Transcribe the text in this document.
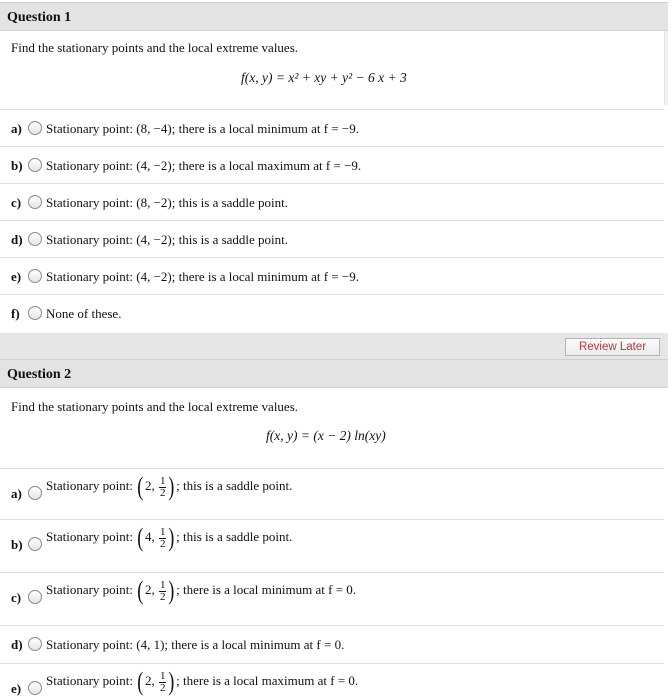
Question 1
Find the stationary points and the local extreme values.
f(x, y) = x² + xy + y² − 6 x + 3
a) Stationary point: (8, −4); there is a local minimum at f = −9.
b) Stationary point: (4, −2); there is a local maximum at f = −9.
c) Stationary point: (8, −2); this is a saddle point.
d) Stationary point: (4, −2); this is a saddle point.
e) Stationary point: (4, −2); there is a local minimum at f = −9.
f) None of these.
Review Later
Question 2
Find the stationary points and the local extreme values.
f(x, y) = (x − 2) ln(xy)
a)
Stationary point: (2, $\frac{1}{2}$ ); this is a saddle point.
b)
Stationary point: (4, $\frac{1}{2}$ ); this is a saddle point.
c)
Stationary point: (2, $\frac{1}{2}$ ); there is a local minimum at f = 0.
d) Stationary point: (4, 1); there is a local minimum at f = 0.
e)
Stationary point: (2, $\frac{1}{2}$ ); there is a local maximum at f = 0.
